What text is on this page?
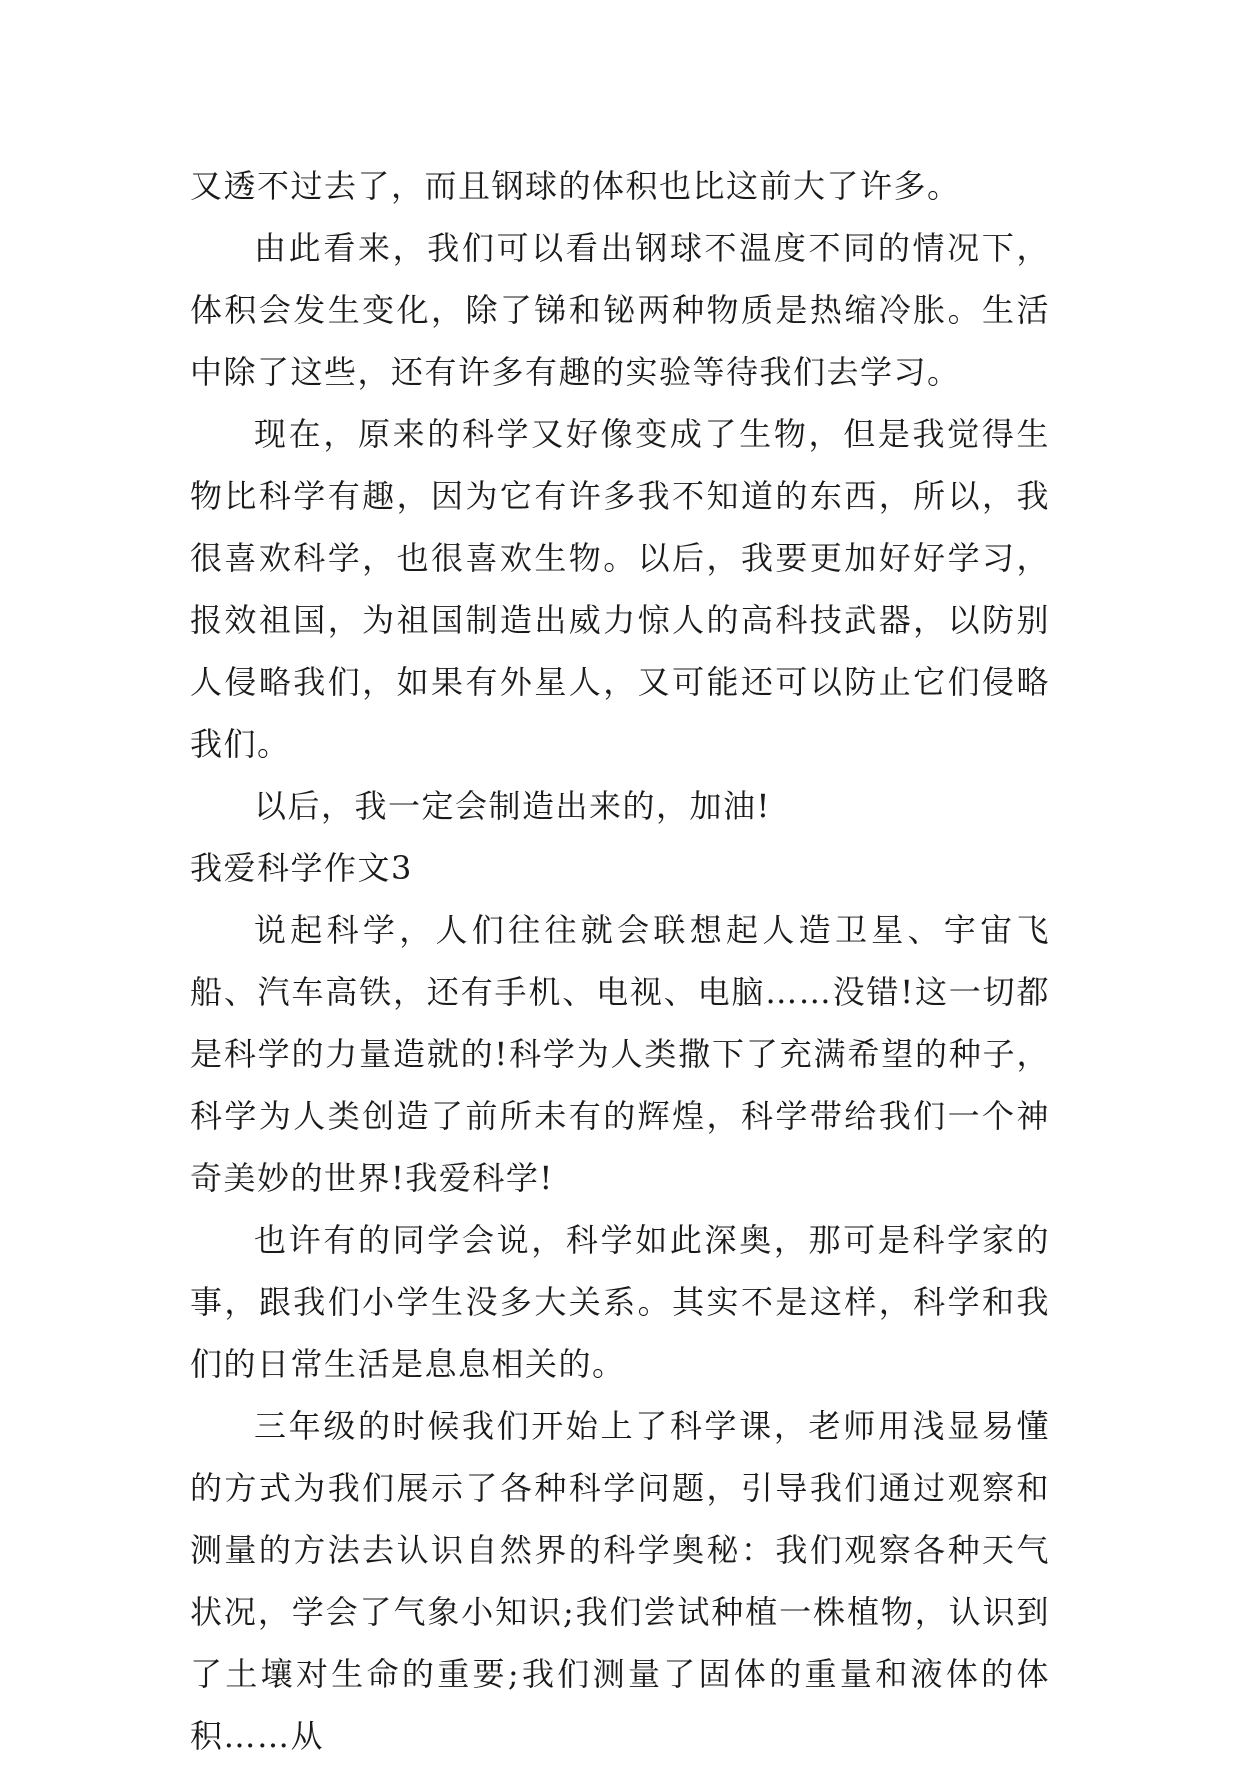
又透不过去了，而且钢球的体积也比这前大了许多。

由此看来，我们可以看出钢球不温度不同的情况下，体积会发生变化，除了锑和铋两种物质是热缩冷胀。生活中除了这些，还有许多有趣的实验等待我们去学习。

现在，原来的科学又好像变成了生物，但是我觉得生物比科学有趣，因为它有许多我不知道的东西，所以，我很喜欢科学，也很喜欢生物。以后，我要更加好好学习，报效祖国，为祖国制造出威力惊人的高科技武器，以防别人侵略我们，如果有外星人，又可能还可以防止它们侵略我们。

以后，我一定会制造出来的，加油!

我爱科学作文3

说起科学，人们往往就会联想起人造卫星、宇宙飞船、汽车高铁，还有手机、电视、电脑……没错!这一切都是科学的力量造就的!科学为人类撒下了充满希望的种子，科学为人类创造了前所未有的辉煌，科学带给我们一个神奇美妙的世界!我爱科学!

也许有的同学会说，科学如此深奥，那可是科学家的事，跟我们小学生没多大关系。其实不是这样，科学和我们的日常生活是息息相关的。

三年级的时候我们开始上了科学课，老师用浅显易懂的方式为我们展示了各种科学问题，引导我们通过观察和测量的方法去认识自然界的科学奥秘：我们观察各种天气状况，学会了气象小知识;我们尝试种植一株植物，认识到了土壤对生命的重要;我们测量了固体的重量和液体的体积……从
